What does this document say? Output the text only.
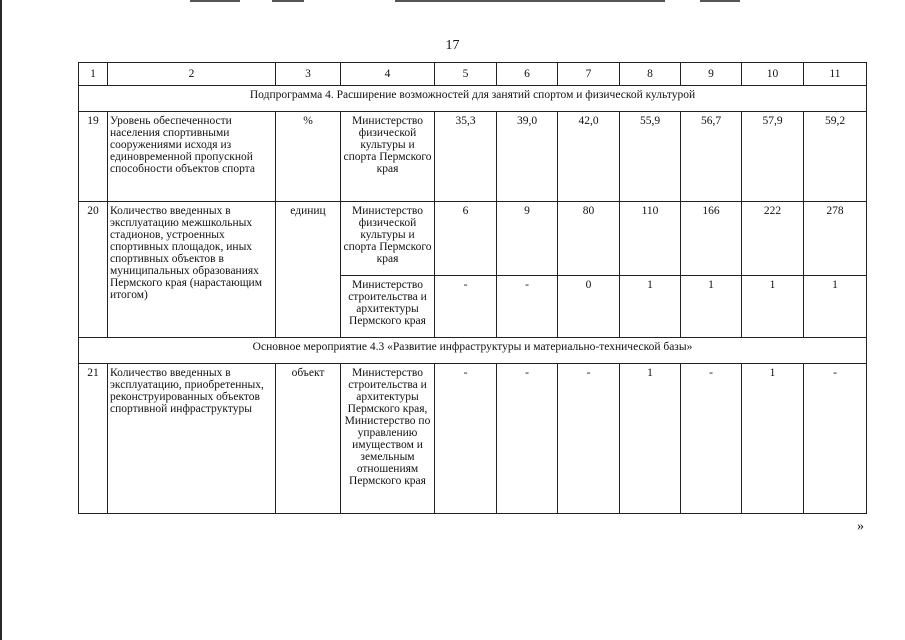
17
1	2	3	4	5	6	7	8	9	10	11
Подпрограмма 4. Расширение возможностей для занятий спортом и физической культурой										
19	Уровень обеспеченности населения спортивными сооружениями исходя из единовременной пропускной способности объектов спорта	%	Министерство физической культуры и спорта Пермского края	35,3	39,0	42,0	55,9	56,7	57,9	59,2
20	Количество введенных в эксплуатацию межшкольных стадионов, устроенных спортивных площадок, иных спортивных объектов в муниципальных образованиях Пермского края (нарастающим итогом)	единиц	Министерство физической культуры и спорта Пермского края	6	9	80	110	166	222	278
			Министерство строительства и архитектуры Пермского края	-	-	0	1	1	1	1
Основное мероприятие 4.3 «Развитие инфраструктуры и материально-технической базы»										
21	Количество введенных в эксплуатацию, приобретенных, реконструированных объектов спортивной инфраструктуры	объект	Министерство строительства и архитектуры Пермского края, Министерство по управлению имуществом и земельным отношениям Пермского края	-	-	-	1	-	1	-
»
